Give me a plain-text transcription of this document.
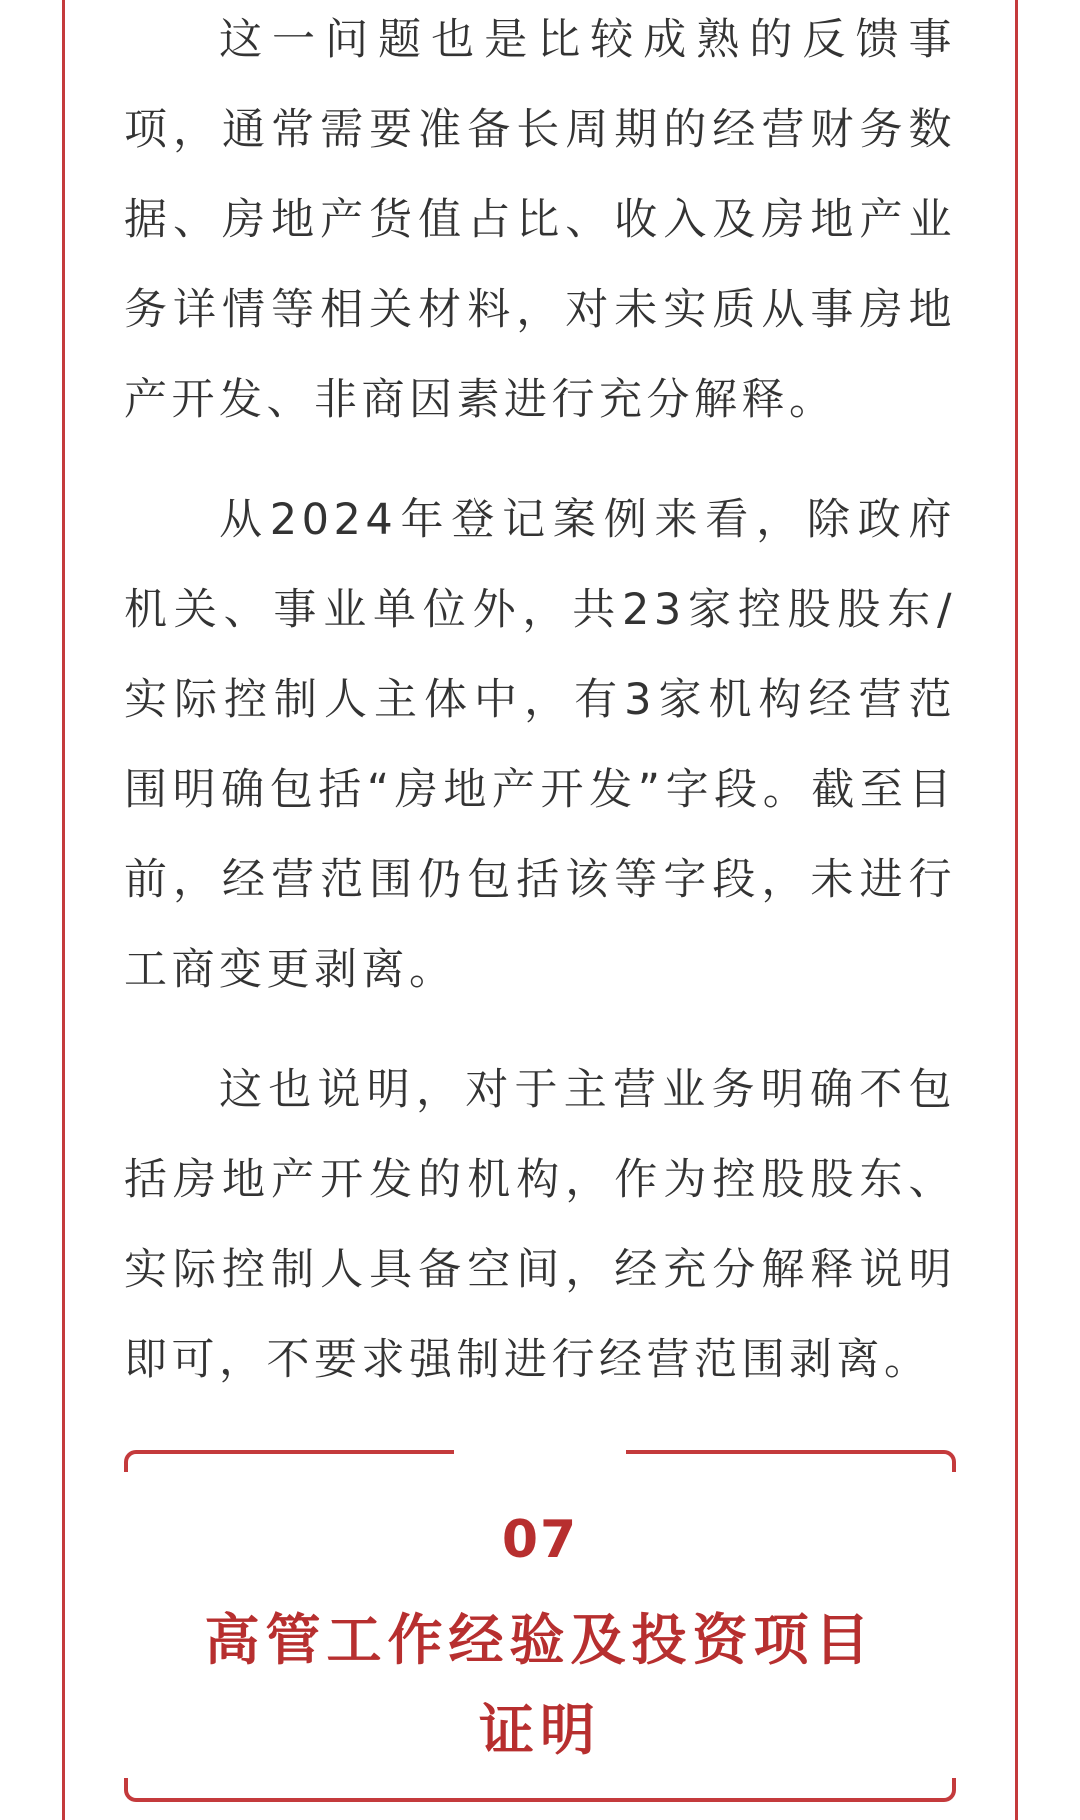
这一问题也是比较成熟的反馈事项，通常需要准备长周期的经营财务数据、房地产货值占比、收入及房地产业务详情等相关材料，对未实质从事房地产开发、非商因素进行充分解释。

从2024年登记案例来看，除政府机关、事业单位外，共23家控股股东/实际控制人主体中，有3家机构经营范围明确包括“房地产开发”字段。截至目前，经营范围仍包括该等字段，未进行工商变更剥离。

这也说明，对于主营业务明确不包括房地产开发的机构，作为控股股东、实际控制人具备空间，经充分解释说明即可，不要求强制进行经营范围剥离。

07
高管工作经验及投资项目证明
